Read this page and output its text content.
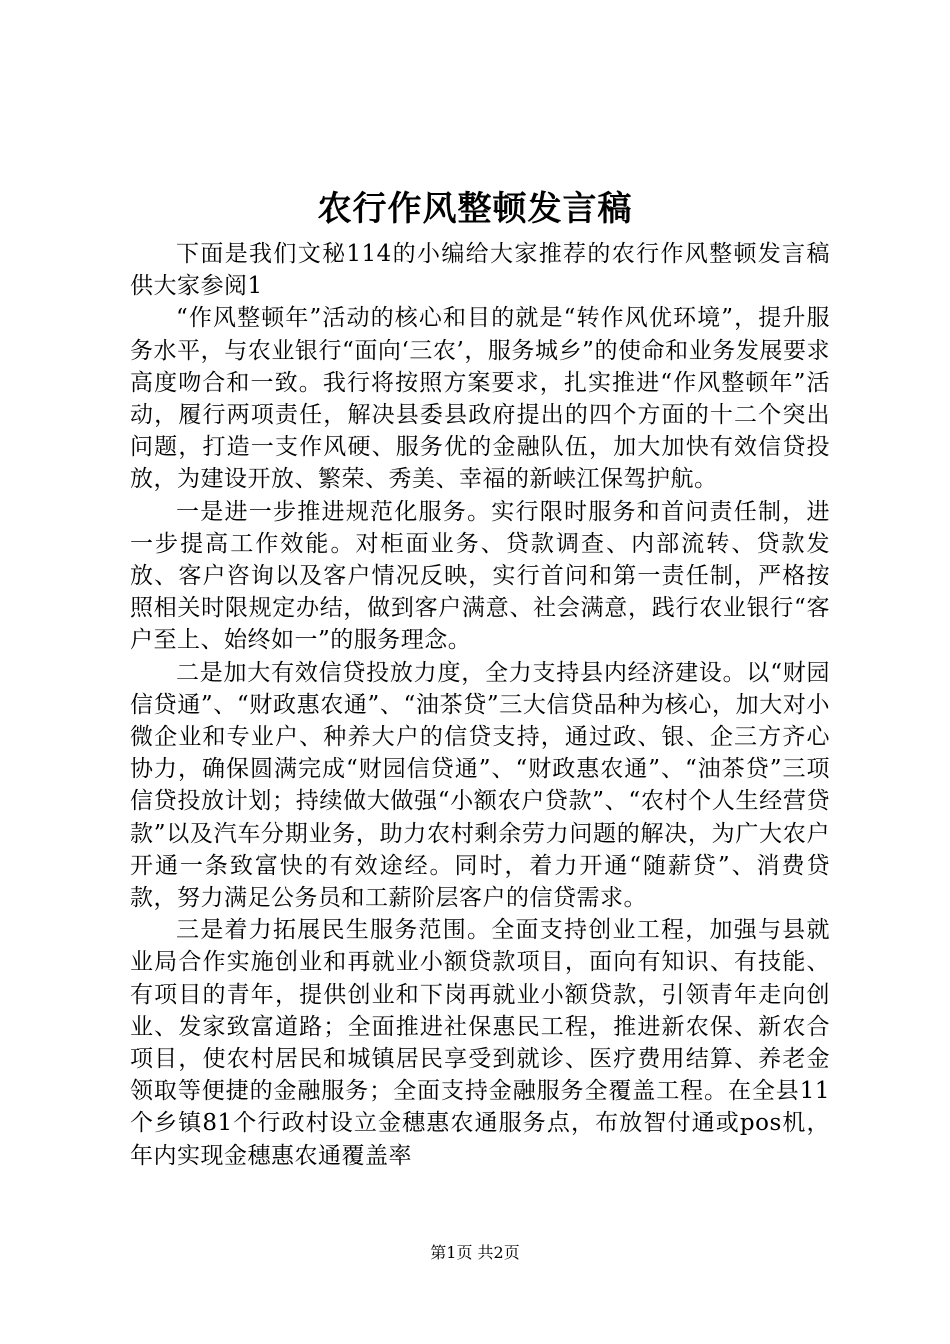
农行作风整顿发言稿

下面是我们文秘114的小编给大家推荐的农行作风整顿发言稿供大家参阅1

“作风整顿年”活动的核心和目的就是“转作风优环境”，提升服务水平，与农业银行“面向‘三农’，服务城乡”的使命和业务发展要求高度吻合和一致。我行将按照方案要求，扎实推进“作风整顿年”活动，履行两项责任，解决县委县政府提出的四个方面的十二个突出问题，打造一支作风硬、服务优的金融队伍，加大加快有效信贷投放，为建设开放、繁荣、秀美、幸福的新峡江保驾护航。

一是进一步推进规范化服务。实行限时服务和首问责任制，进一步提高工作效能。对柜面业务、贷款调查、内部流转、贷款发放、客户咨询以及客户情况反映，实行首问和第一责任制，严格按照相关时限规定办结，做到客户满意、社会满意，践行农业银行“客户至上、始终如一”的服务理念。

二是加大有效信贷投放力度，全力支持县内经济建设。以“财园信贷通”、“财政惠农通”、“油茶贷”三大信贷品种为核心，加大对小微企业和专业户、种养大户的信贷支持，通过政、银、企三方齐心协力，确保圆满完成“财园信贷通”、“财政惠农通”、“油茶贷”三项信贷投放计划；持续做大做强“小额农户贷款”、“农村个人生经营贷款”以及汽车分期业务，助力农村剩余劳力问题的解决，为广大农户开通一条致富快的有效途经。同时，着力开通“随薪贷”、消费贷款，努力满足公务员和工薪阶层客户的信贷需求。

三是着力拓展民生服务范围。全面支持创业工程，加强与县就业局合作实施创业和再就业小额贷款项目，面向有知识、有技能、有项目的青年，提供创业和下岗再就业小额贷款，引领青年走向创业、发家致富道路；全面推进社保惠民工程，推进新农保、新农合项目，使农村居民和城镇居民享受到就诊、医疗费用结算、养老金领取等便捷的金融服务；全面支持金融服务全覆盖工程。在全县11个乡镇81个行政村设立金穗惠农通服务点，布放智付通或pos机，年内实现金穗惠农通覆盖率

第1页 共2页
